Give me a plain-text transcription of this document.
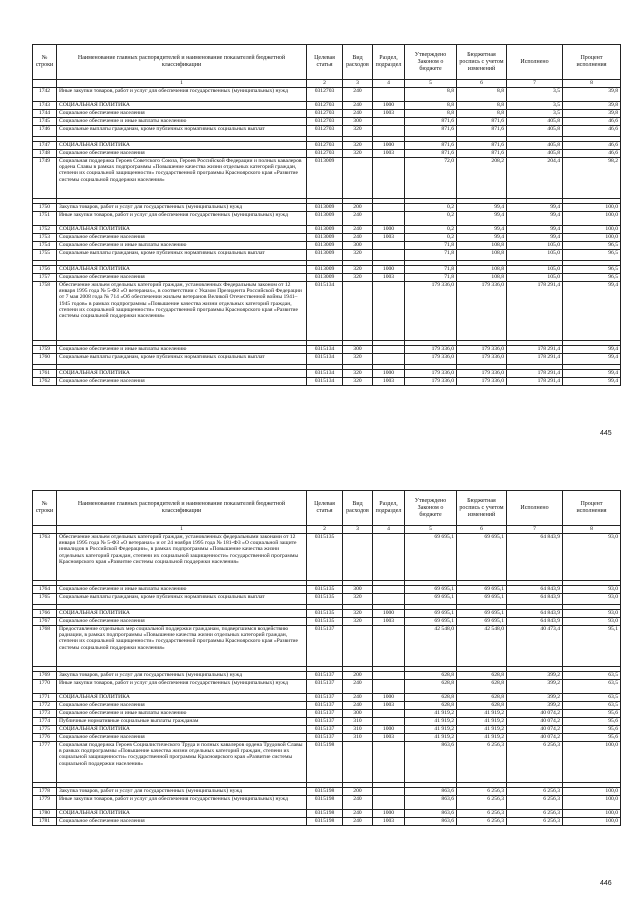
№ строки	Наименование главных распорядителей и наименование показателей бюджетной классификации	Целевая статья	Вид расходов	Раздел, подраздел	Утверждено Законом о бюджете	Бюджетная роспись с учетом изменений	Исполнено	Процент исполнения
	1	2	3	4	5	6	7	8
1742	Иные закупки товаров, работ и услуг для обеспечения государственных (муниципальных) нужд	0312703	240		8,8	8,8	3,5	39,8
1743	СОЦИАЛЬНАЯ ПОЛИТИКА	0312703	240	1000	8,8	8,8	3,5	39,8
1744	Социальное обеспечение населения	0312703	240	1003	8,8	8,8	3,5	39,8
1745	Социальное обеспечение и иные выплаты населению	0312703	300		871,6	871,6	405,8	46,6
1746	Социальные выплаты гражданам, кроме публичных нормативных социальных выплат	0312703	320		871,6	871,6	405,8	46,6

1747	СОЦИАЛЬНАЯ ПОЛИТИКА	0312703	320	1000	871,6	871,6	405,8	46,6
1748	Социальное обеспечение населения	0312703	320	1003	871,6	871,6	405,8	46,6
1749	Социальная поддержка Героев Советского Союза, Героев Российской Федерации и полных кавалеров ордена Славы в рамках подпрограммы «Повышение качества жизни отдельных категорий граждан, степени их социальной защищенности» государственной программы Красноярского края «Развитие системы социальной поддержки населения»	0313009			72,0	208,2	204,4	98,2

1750	Закупка товаров, работ и услуг для государственных (муниципальных) нужд	0313009	200		0,2	99,4	99,4	100,0
1751	Иные закупки товаров, работ и услуг для обеспечения государственных (муниципальных) нужд	0313009	240		0,2	99,4	99,4	100,0
1752	СОЦИАЛЬНАЯ ПОЛИТИКА	0313009	240	1000	0,2	99,4	99,4	100,0
1753	Социальное обеспечение населения	0313009	240	1003	0,2	99,4	99,4	100,0
1754	Социальное обеспечение и иные выплаты населению	0313009	300		71,8	108,8	105,0	96,5
1755	Социальные выплаты гражданам, кроме публичных нормативных социальных выплат	0313009	320		71,8	108,8	105,0	96,5

1756	СОЦИАЛЬНАЯ ПОЛИТИКА	0313009	320	1000	71,8	108,8	105,0	96,5
1757	Социальное обеспечение населения	0313009	320	1003	71,8	108,8	105,0	96,5
1758	Обеспечение жильем отдельных категорий граждан, установленных Федеральным законом от 12 января 1995 года № 5-ФЗ «О ветеранах», в соответствии с Указом Президента Российской Федерации от 7 мая 2008 года № 714 «Об обеспечении жильем ветеранов Великой Отечественной войны 1941–1945 годов» в рамках подпрограммы «Повышение качества жизни отдельных категорий граждан, степени их социальной защищенности» государственной программы Красноярского края «Развитие системы социальной поддержки населения»	0315134			179 336,0	179 336,0	178 291,4	99,4

1759	Социальное обеспечение и иные выплаты населению	0315134	300		179 336,0	179 336,0	178 291,4	99,4
1760	Социальные выплаты гражданам, кроме публичных нормативных социальных выплат	0315134	320		179 336,0	179 336,0	178 291,4	99,4

1761	СОЦИАЛЬНАЯ ПОЛИТИКА	0315134	320	1000	179 336,0	179 336,0	178 291,4	99,4
1762	Социальное обеспечение населения	0315134	320	1003	179 336,0	179 336,0	178 291,4	99,4
445
№ строки	Наименование главных распорядителей и наименование показателей бюджетной классификации	Целевая статья	Вид расходов	Раздел, подраздел	Утверждено Законом о бюджете	Бюджетная роспись с учетом изменений	Исполнено	Процент исполнения
	1	2	3	4	5	6	7	8
1763	Обеспечение жильем отдельных категорий граждан, установленных федеральными законами от 12 января 1995 года № 5-ФЗ «О ветеранах» и от 24 ноября 1995 года № 181-ФЗ «О социальной защите инвалидов в Российской Федерации», в рамках подпрограммы «Повышение качества жизни отдельных категорий граждан, степени их социальной защищенности» государственной программы Красноярского края «Развитие системы социальной поддержки населения»	0315135			69 695,1	69 695,1	64 843,9	93,0

1764	Социальное обеспечение и иные выплаты населению	0315135	300		69 695,1	69 695,1	64 843,9	93,0
1765	Социальные выплаты гражданам, кроме публичных нормативных социальных выплат	0315135	320		69 695,1	69 695,1	64 843,9	93,0

1766	СОЦИАЛЬНАЯ ПОЛИТИКА	0315135	320	1000	69 695,1	69 695,1	64 843,9	93,0
1767	Социальное обеспечение населения	0315135	320	1003	69 695,1	69 695,1	64 843,9	93,0
1768	Предоставление отдельных мер социальной поддержки гражданам, подвергшимся воздействию радиации, в рамках подпрограммы «Повышение качества жизни отдельных категорий граждан, степени их социальной защищенности» государственной программы Красноярского края «Развитие системы социальной поддержки населения»	0315137			42 548,0	42 548,0	40 473,4	95,1

1769	Закупка товаров, работ и услуг для государственных (муниципальных) нужд	0315137	200		628,8	628,8	399,2	63,5
1770	Иные закупки товаров, работ и услуг для обеспечения государственных (муниципальных) нужд	0315137	240		628,8	628,8	399,2	63,5
1771	СОЦИАЛЬНАЯ ПОЛИТИКА	0315137	240	1000	628,8	628,8	399,2	63,5
1772	Социальное обеспечение населения	0315137	240	1003	628,8	628,8	399,2	63,5
1773	Социальное обеспечение и иные выплаты населению	0315137	300		41 919,2	41 919,2	40 074,2	95,6
1774	Публичные нормативные социальные выплаты гражданам	0315137	310		41 919,2	41 919,2	40 074,2	95,6
1775	СОЦИАЛЬНАЯ ПОЛИТИКА	0315137	310	1000	41 919,2	41 919,2	40 074,2	95,6
1776	Социальное обеспечение населения	0315137	310	1003	41 919,2	41 919,2	40 074,2	95,6
1777	Социальная поддержка Героев Социалистического Труда и полных кавалеров ордена Трудовой Славы в рамках подпрограммы «Повышение качества жизни отдельных категорий граждан, степени их социальной защищенности» государственной программы Красноярского края «Развитие системы социальной поддержки населения»	0315198			863,6	6 256,3	6 256,3	100,0

1778	Закупка товаров, работ и услуг для государственных (муниципальных) нужд	0315198	200		863,6	6 256,3	6 256,3	100,0
1779	Иные закупки товаров, работ и услуг для обеспечения государственных (муниципальных) нужд	0315198	240		863,6	6 256,3	6 256,3	100,0
1780	СОЦИАЛЬНАЯ ПОЛИТИКА	0315198	240	1000	863,6	6 256,3	6 256,3	100,0
1781	Социальное обеспечение населения	0315198	240	1003	863,6	6 256,3	6 256,3	100,0
446
